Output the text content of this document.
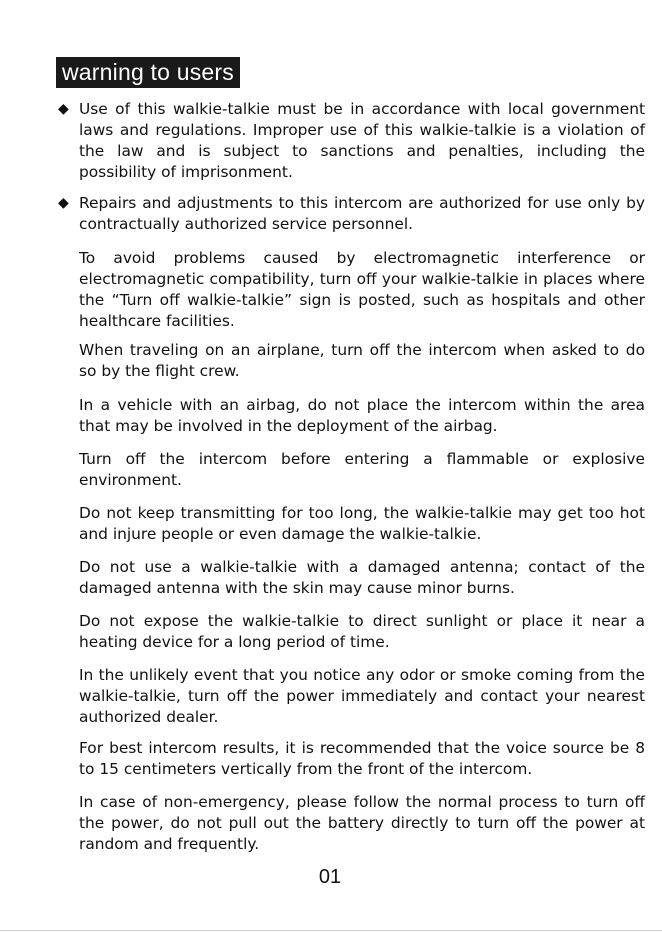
warning to users
◆ Use of this walkie-talkie must be in accordance with local government laws and regulations. Improper use of this walkie-talkie is a violation of the law and is subject to sanctions and penalties, including the possibility of imprisonment.
◆ Repairs and adjustments to this intercom are authorized for use only by contractually authorized service personnel.
To avoid problems caused by electromagnetic interference or electromagnetic compatibility, turn off your walkie-talkie in places where the “Turn off walkie-talkie” sign is posted, such as hospitals and other healthcare facilities.
When traveling on an airplane, turn off the intercom when asked to do so by the flight crew.
In a vehicle with an airbag, do not place the intercom within the area that may be involved in the deployment of the airbag.
Turn off the intercom before entering a flammable or explosive environment.
Do not keep transmitting for too long, the walkie-talkie may get too hot and injure people or even damage the walkie-talkie.
Do not use a walkie-talkie with a damaged antenna; contact of the damaged antenna with the skin may cause minor burns.
Do not expose the walkie-talkie to direct sunlight or place it near a heating device for a long period of time.
In the unlikely event that you notice any odor or smoke coming from the walkie-talkie, turn off the power immediately and contact your nearest authorized dealer.
For best intercom results, it is recommended that the voice source be 8 to 15 centimeters vertically from the front of the intercom.
In case of non-emergency, please follow the normal process to turn off the power, do not pull out the battery directly to turn off the power at random and frequently.
01
